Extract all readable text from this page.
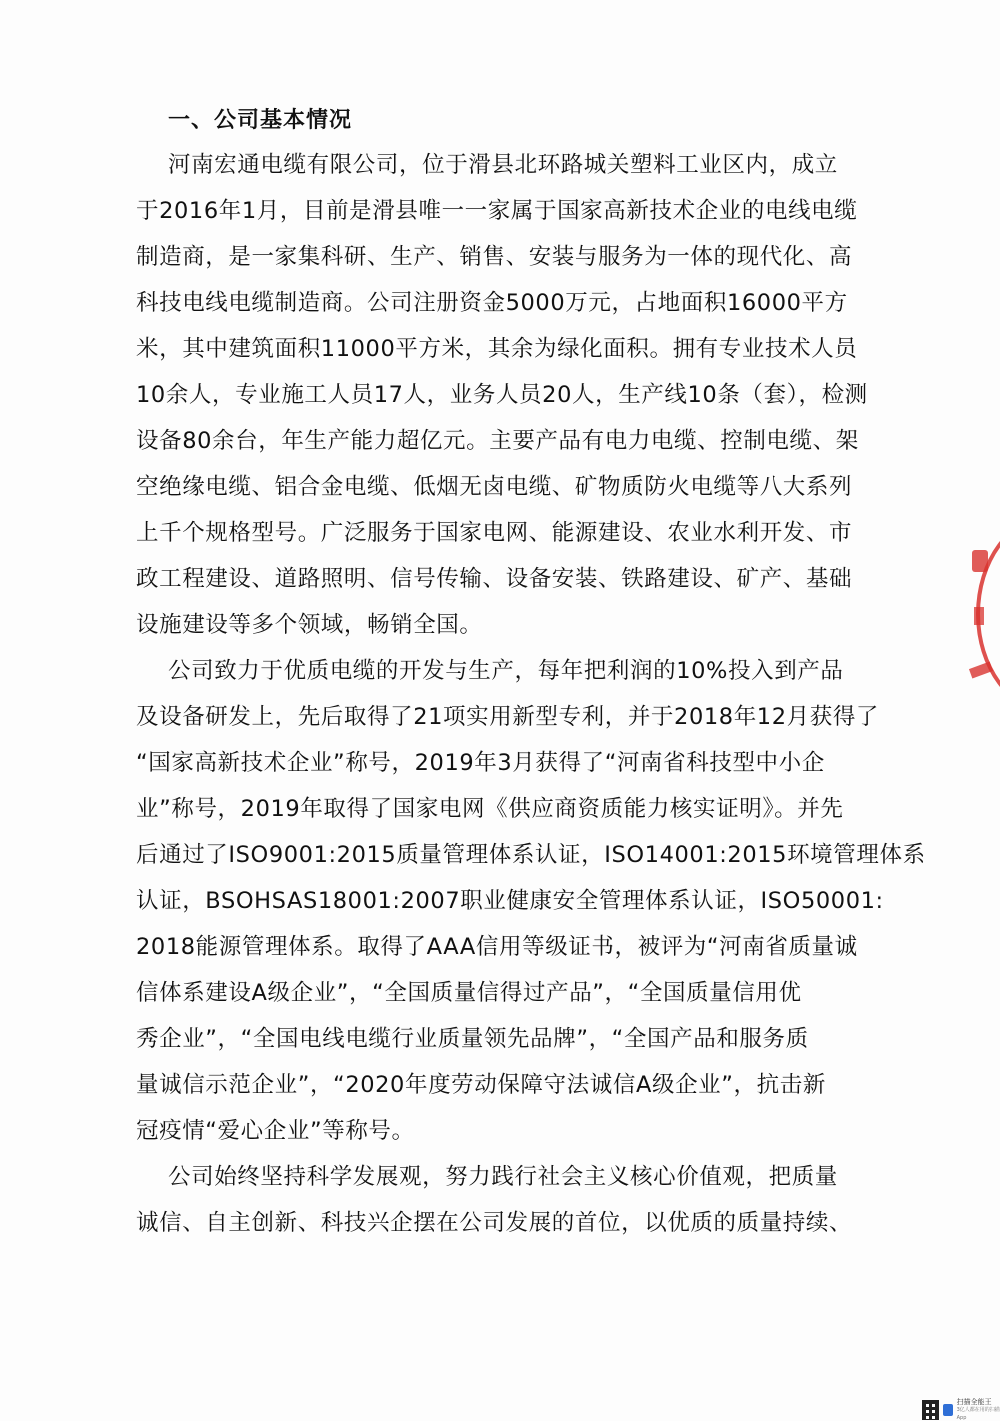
一、公司基本情况

河南宏通电缆有限公司，位于滑县北环路城关塑料工业区内，成立

于2016年1月，目前是滑县唯一一家属于国家高新技术企业的电线电缆

制造商，是一家集科研、生产、销售、安装与服务为一体的现代化、高

科技电线电缆制造商。公司注册资金5000万元，占地面积16000平方

米，其中建筑面积11000平方米，其余为绿化面积。拥有专业技术人员

10余人，专业施工人员17人，业务人员20人，生产线10条（套），检测

设备80余台，年生产能力超亿元。主要产品有电力电缆、控制电缆、架

空绝缘电缆、铝合金电缆、低烟无卤电缆、矿物质防火电缆等八大系列

上千个规格型号。广泛服务于国家电网、能源建设、农业水利开发、市

政工程建设、道路照明、信号传输、设备安装、铁路建设、矿产、基础

设施建设等多个领域，畅销全国。

公司致力于优质电缆的开发与生产，每年把利润的10%投入到产品

及设备研发上，先后取得了21项实用新型专利，并于2018年12月获得了

“国家高新技术企业”称号，2019年3月获得了“河南省科技型中小企

业”称号，2019年取得了国家电网《供应商资质能力核实证明》。并先

后通过了ISO9001:2015质量管理体系认证，ISO14001:2015环境管理体系

认证，BSOHSAS18001:2007职业健康安全管理体系认证，ISO50001:

2018能源管理体系。取得了AAA信用等级证书，被评为“河南省质量诚

信体系建设A级企业”，“全国质量信得过产品”，“全国质量信用优

秀企业”，“全国电线电缆行业质量领先品牌”，“全国产品和服务质

量诚信示范企业”，“2020年度劳动保障守法诚信A级企业”，抗击新

冠疫情“爱心企业”等称号。

公司始终坚持科学发展观，努力践行社会主义核心价值观，把质量

诚信、自主创新、科技兴企摆在公司发展的首位，以优质的质量持续、

扫描全能王
3亿人都在用的扫描App
